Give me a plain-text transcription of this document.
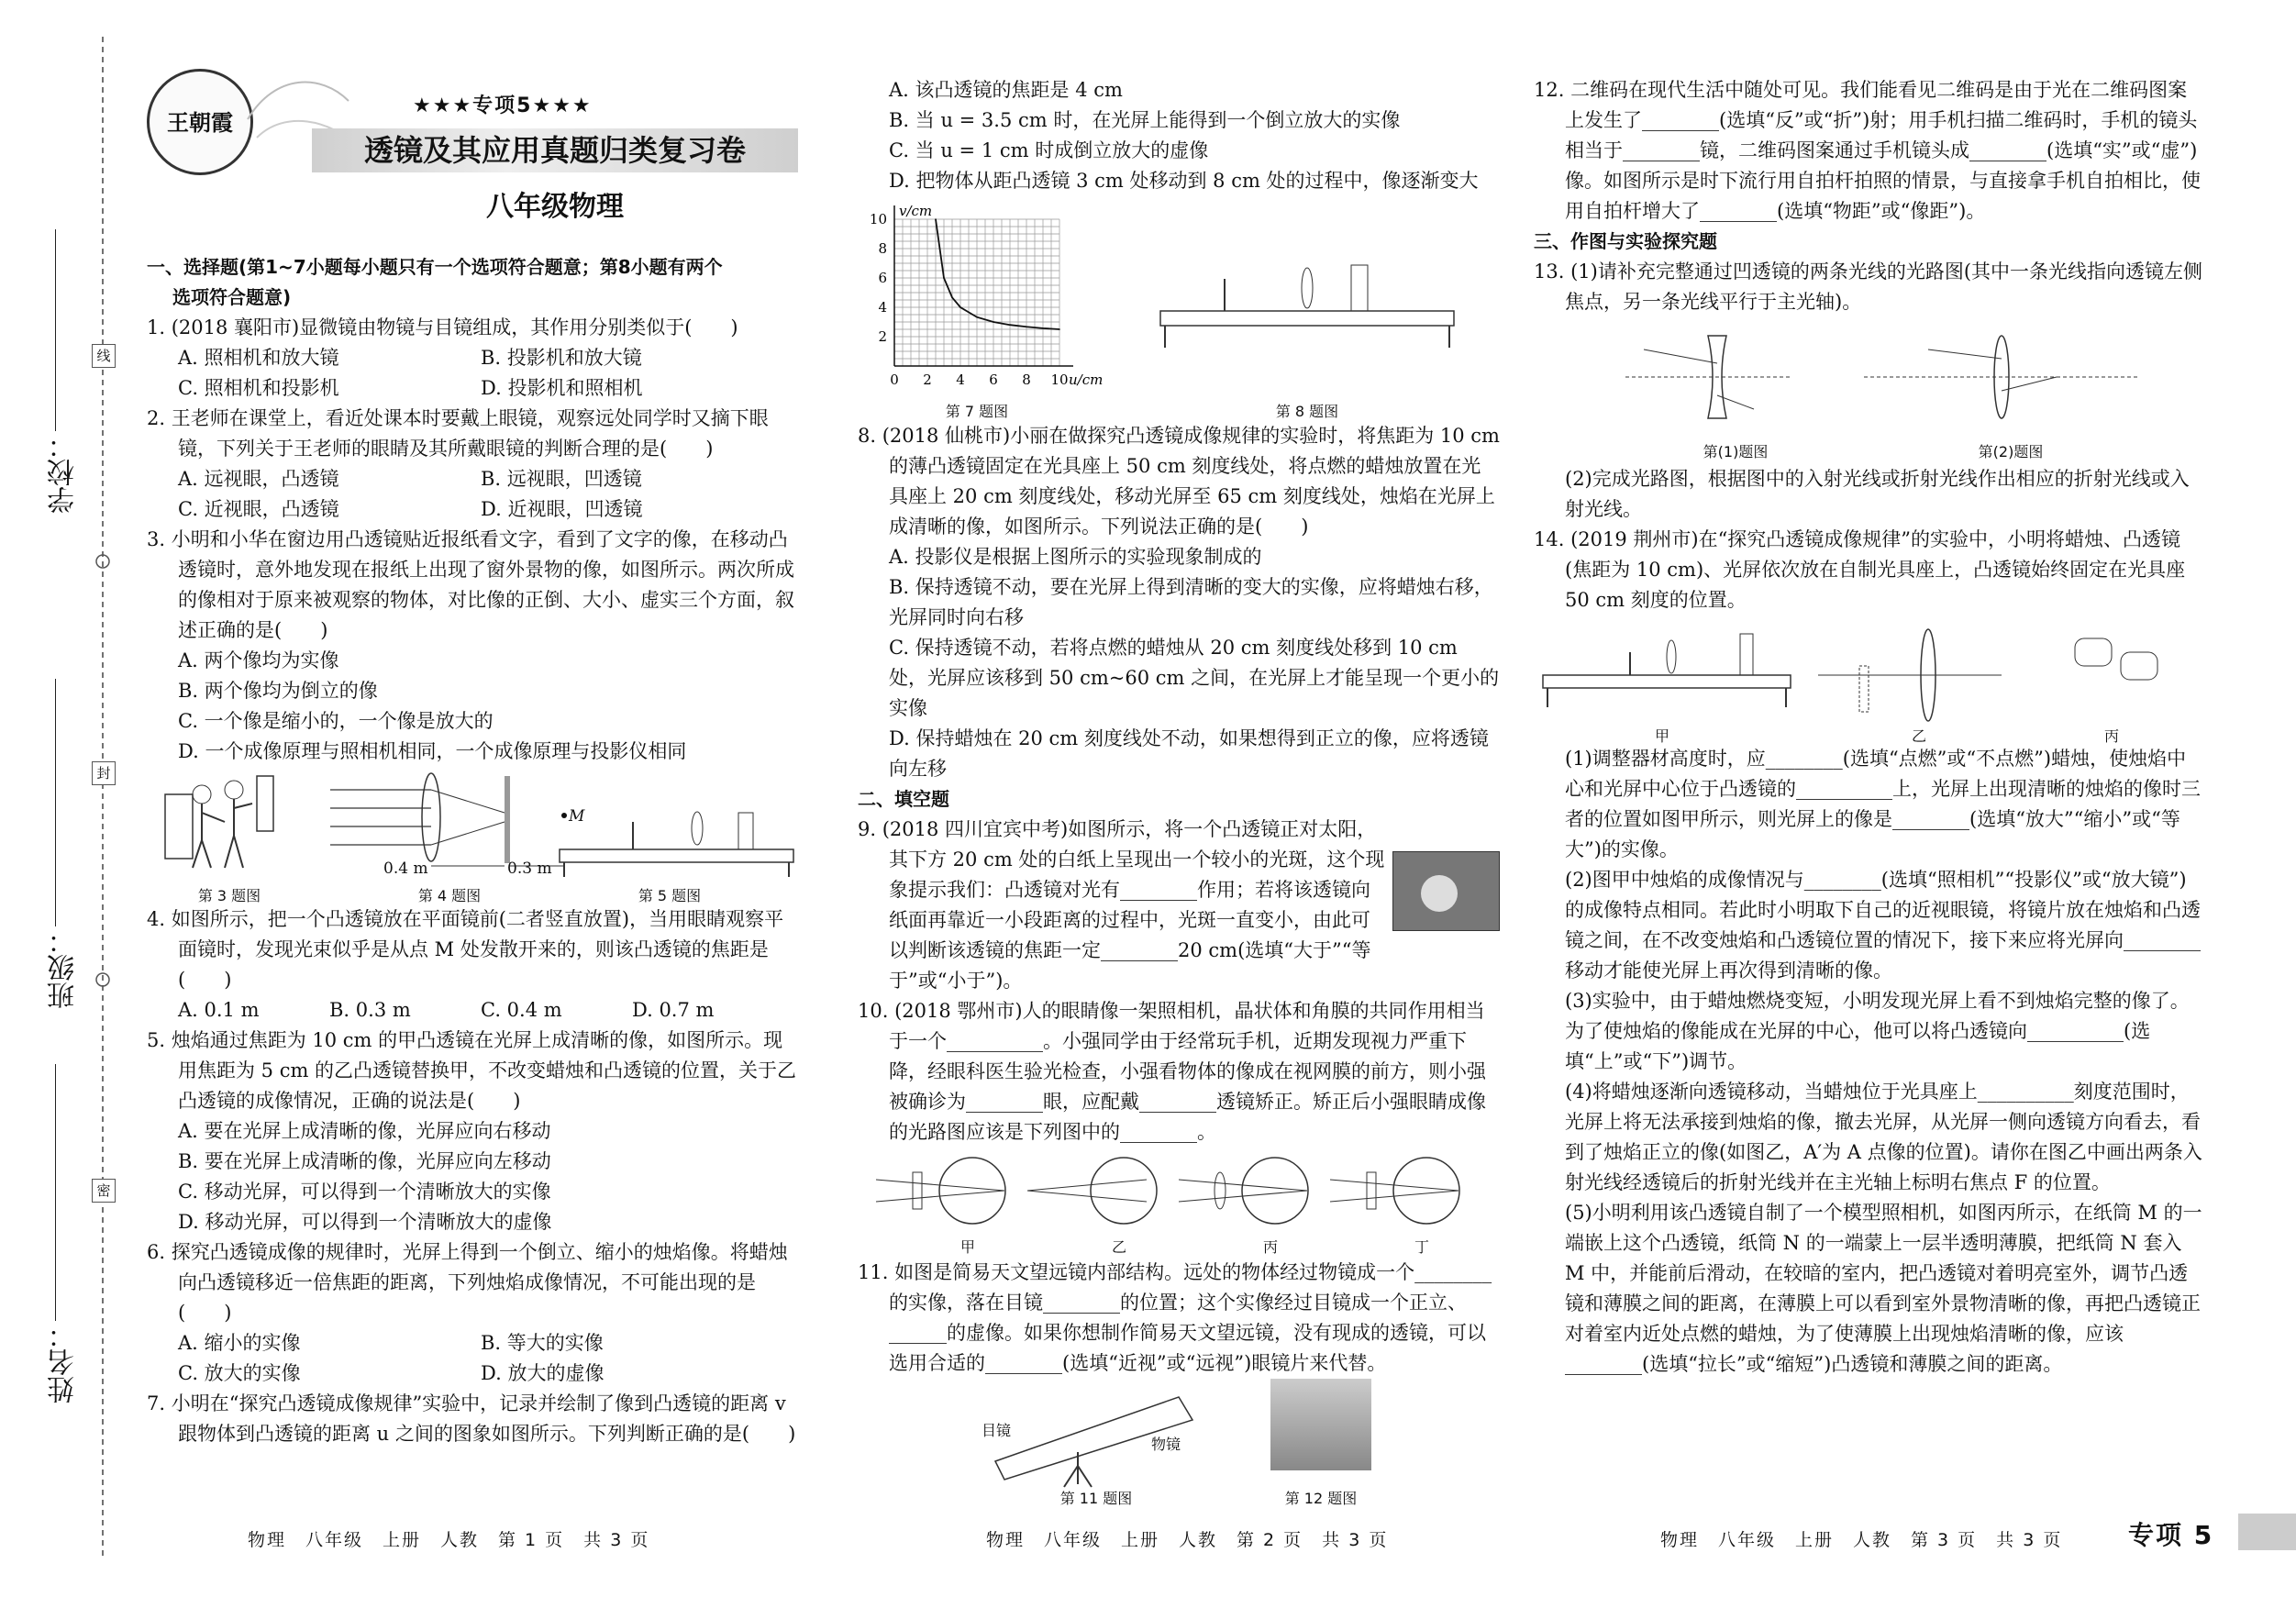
线
封
密
学校：
班级：
姓名：
王朝霞
★★★专项5★★★
透镜及其应用真题归类复习卷
八年级物理

一、选择题(第1~7小题每小题只有一个选项符合题意；第8小题有两个

选项符合题意)

1. (2018 襄阳市)显微镜由物镜与目镜组成，其作用分别类似于(　　)

A. 照相机和放大镜	B. 投影机和放大镜
C. 照相机和投影机	D. 投影机和照相机

2. 王老师在课堂上，看近处课本时要戴上眼镜，观察远处同学时又摘下眼镜，下列关于王老师的眼睛及其所戴眼镜的判断合理的是(　　)

A. 远视眼，凸透镜	B. 远视眼，凹透镜
C. 近视眼，凸透镜	D. 近视眼，凹透镜

3. 小明和小华在窗边用凸透镜贴近报纸看文字，看到了文字的像，在移动凸透镜时，意外地发现在报纸上出现了窗外景物的像，如图所示。两次所成的像相对于原来被观察的物体，对比像的正倒、大小、虚实三个方面，叙述正确的是(　　)

A. 两个像均为实像

B. 两个像均为倒立的像

C. 一个像是缩小的，一个像是放大的

D. 一个成像原理与照相机相同，一个成像原理与投影仪相同

0.4 m	0.3 m
M
第 3 题图	第 4 题图	第 5 题图

4. 如图所示，把一个凸透镜放在平面镜前(二者竖直放置)，当用眼睛观察平面镜时，发现光束似乎是从点 M 处发散开来的，则该凸透镜的焦距是(　　)

A. 0.1 m	B. 0.3 m	C. 0.4 m	D. 0.7 m

5. 烛焰通过焦距为 10 cm 的甲凸透镜在光屏上成清晰的像，如图所示。现用焦距为 5 cm 的乙凸透镜替换甲，不改变蜡烛和凸透镜的位置，关于乙凸透镜的成像情况，正确的说法是(　　)

A. 要在光屏上成清晰的像，光屏应向右移动

B. 要在光屏上成清晰的像，光屏应向左移动

C. 移动光屏，可以得到一个清晰放大的实像

D. 移动光屏，可以得到一个清晰放大的虚像

6. 探究凸透镜成像的规律时，光屏上得到一个倒立、缩小的烛焰像。将蜡烛向凸透镜移近一倍焦距的距离，下列烛焰成像情况，不可能出现的是(　　)

A. 缩小的实像	B. 等大的实像
C. 放大的实像	D. 放大的虚像

7. 小明在“探究凸透镜成像规律”实验中，记录并绘制了像到凸透镜的距离 v 跟物体到凸透镜的距离 u 之间的图象如图所示。下列判断正确的是(　　)

物理　八年级　上册　人教　第 1 页　共 3 页

A. 该凸透镜的焦距是 4 cm

B. 当 u = 3.5 cm 时，在光屏上能得到一个倒立放大的实像

C. 当 u = 1 cm 时成倒立放大的虚像

D. 把物体从距凸透镜 3 cm 处移动到 8 cm 处的过程中，像逐渐变大

0 2 4 6 8 10
10
8
6
4
2
v/cm
u/cm
第 7 题图	第 8 题图

8. (2018 仙桃市)小丽在做探究凸透镜成像规律的实验时，将焦距为 10 cm 的薄凸透镜固定在光具座上 50 cm 刻度线处，将点燃的蜡烛放置在光具座上 20 cm 刻度线处，移动光屏至 65 cm 刻度线处，烛焰在光屏上成清晰的像，如图所示。下列说法正确的是(　　)

A. 投影仪是根据上图所示的实验现象制成的

B. 保持透镜不动，要在光屏上得到清晰的变大的实像，应将蜡烛右移，光屏同时向右移

C. 保持透镜不动，若将点燃的蜡烛从 20 cm 刻度线处移到 10 cm 处，光屏应该移到 50 cm~60 cm 之间，在光屏上才能呈现一个更小的实像

D. 保持蜡烛在 20 cm 刻度线处不动，如果想得到正立的像，应将透镜向左移

二、填空题

9. (2018 四川宜宾中考)如图所示，将一个凸透镜正对太阳，其下方 20 cm 处的白纸上呈现出一个较小的光斑，这个现象提示我们：凸透镜对光有________作用；若将该透镜向纸面再靠近一小段距离的过程中，光斑一直变小，由此可以判断该透镜的焦距一定________20 cm(选填“大于”“等于”或“小于”)。

10. (2018 鄂州市)人的眼睛像一架照相机，晶状体和角膜的共同作用相当于一个__________。小强同学由于经常玩手机，近期发现视力严重下降，经眼科医生验光检查，小强看物体的像成在视网膜的前方，则小强被确诊为________眼，应配戴________透镜矫正。矫正后小强眼睛成像的光路图应该是下列图中的________。

甲	乙	丙	丁

11. 如图是简易天文望远镜内部结构。远处的物体经过物镜成一个________的实像，落在目镜________的位置；这个实像经过目镜成一个正立、______的虚像。如果你想制作简易天文望远镜，没有现成的透镜，可以选用合适的________(选填“近视”或“远视”)眼镜片来代替。

目镜
物镜
第 11 题图	第 12 题图
物理　八年级　上册　人教　第 2 页　共 3 页

12. 二维码在现代生活中随处可见。我们能看见二维码是由于光在二维码图案上发生了________(选填“反”或“折”)射；用手机扫描二维码时，手机的镜头相当于________镜，二维码图案通过手机镜头成________(选填“实”或“虚”)像。如图所示是时下流行用自拍杆拍照的情景，与直接拿手机自拍相比，使用自拍杆增大了________(选填“物距”或“像距”)。

三、作图与实验探究题

13. (1)请补充完整通过凹透镜的两条光线的光路图(其中一条光线指向透镜左侧焦点，另一条光线平行于主光轴)。

第(1)题图	第(2)题图

(2)完成光路图，根据图中的入射光线或折射光线作出相应的折射光线或入射光线。

14. (2019 荆州市)在“探究凸透镜成像规律”的实验中，小明将蜡烛、凸透镜(焦距为 10 cm)、光屏依次放在自制光具座上，凸透镜始终固定在光具座 50 cm 刻度的位置。

甲	乙	丙

(1)调整器材高度时，应________(选填“点燃”或“不点燃”)蜡烛，使烛焰中心和光屏中心位于凸透镜的__________上，光屏上出现清晰的烛焰的像时三者的位置如图甲所示，则光屏上的像是________(选填“放大”“缩小”或“等大”)的实像。

(2)图甲中烛焰的成像情况与________(选填“照相机”“投影仪”或“放大镜”)的成像特点相同。若此时小明取下自己的近视眼镜，将镜片放在烛焰和凸透镜之间，在不改变烛焰和凸透镜位置的情况下，接下来应将光屏向________移动才能使光屏上再次得到清晰的像。

(3)实验中，由于蜡烛燃烧变短，小明发现光屏上看不到烛焰完整的像了。为了使烛焰的像能成在光屏的中心，他可以将凸透镜向__________(选填“上”或“下”)调节。

(4)将蜡烛逐渐向透镜移动，当蜡烛位于光具座上__________刻度范围时，光屏上将无法承接到烛焰的像，撤去光屏，从光屏一侧向透镜方向看去，看到了烛焰正立的像(如图乙，A′为 A 点像的位置)。请你在图乙中画出两条入射光线经透镜后的折射光线并在主光轴上标明右焦点 F 的位置。

(5)小明利用该凸透镜自制了一个模型照相机，如图丙所示，在纸筒 M 的一端嵌上这个凸透镜，纸筒 N 的一端蒙上一层半透明薄膜，把纸筒 N 套入 M 中，并能前后滑动，在较暗的室内，把凸透镜对着明亮室外，调节凸透镜和薄膜之间的距离，在薄膜上可以看到室外景物清晰的像，再把凸透镜正对着室内近处点燃的蜡烛，为了使薄膜上出现烛焰清晰的像，应该________(选填“拉长”或“缩短”)凸透镜和薄膜之间的距离。

物理　八年级　上册　人教　第 3 页　共 3 页	专项 5
